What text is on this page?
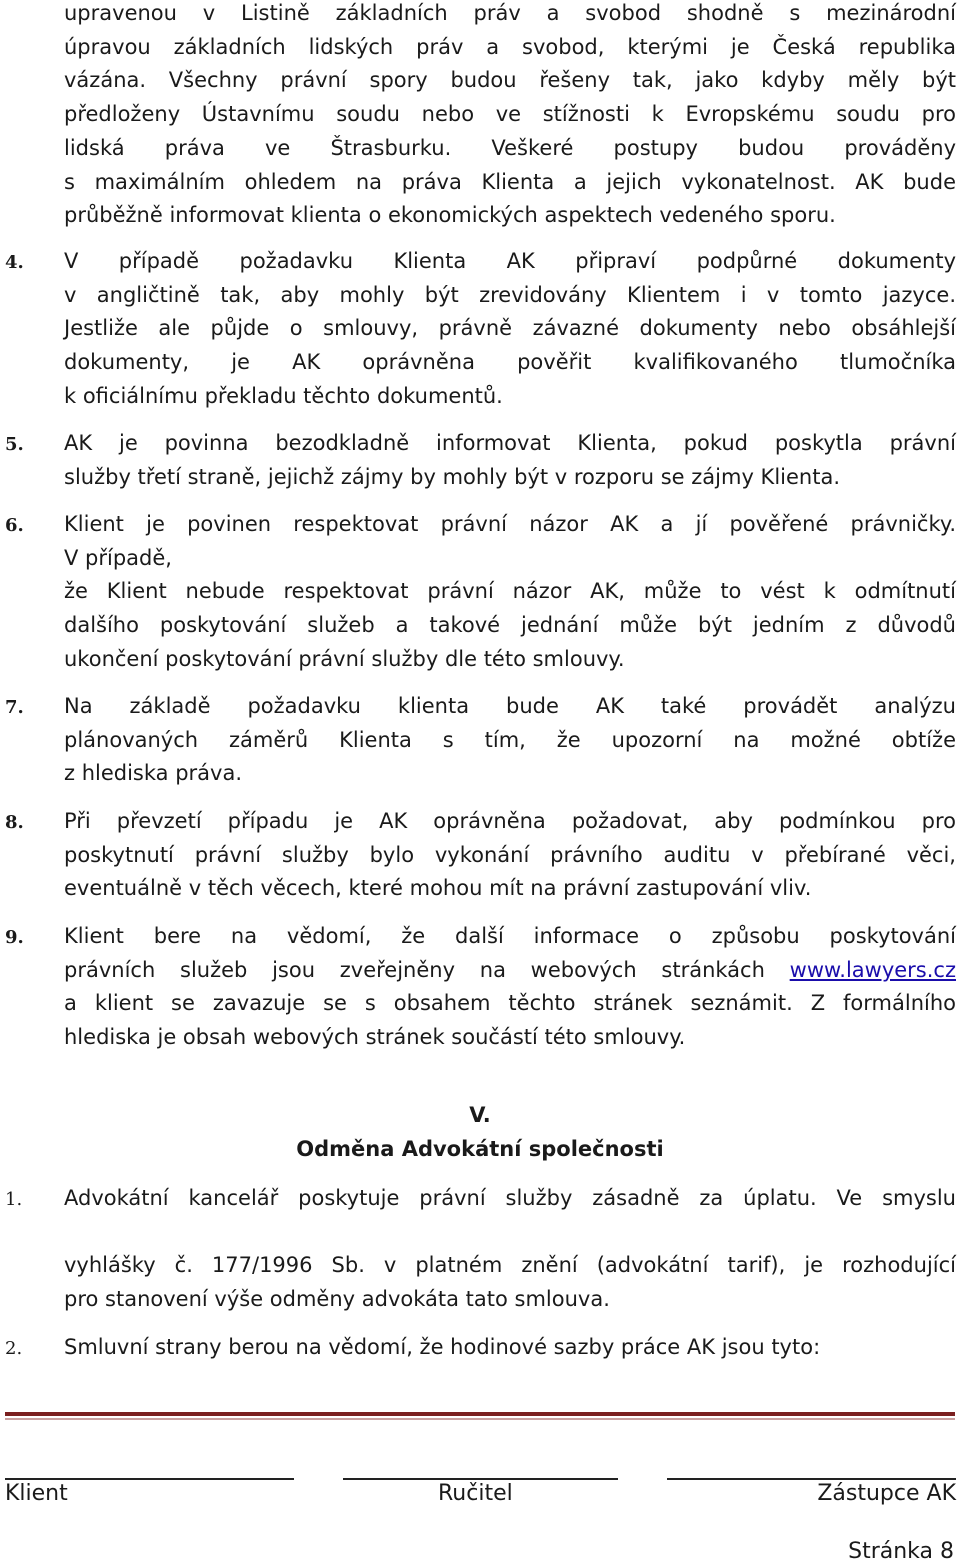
upravenou v Listině základních práv a svobod shodně s mezinárodní
úpravou základních lidských práv a svobod, kterými je Česká republika
vázána. Všechny právní spory budou řešeny tak, jako kdyby měly být
předloženy Ústavnímu soudu nebo ve stížnosti k Evropskému soudu pro
lidská práva ve Štrasburku. Veškeré postupy budou prováděny
s maximálním ohledem na práva Klienta a jejich vykonatelnost. AK bude
průběžně informovat klienta o ekonomických aspektech vedeného sporu.
4. V případě požadavku Klienta AK připraví podpůrné dokumenty
v angličtině tak, aby mohly být zrevidovány Klientem i v tomto jazyce.
Jestliže ale půjde o smlouvy, právně závazné dokumenty nebo obsáhlejší
dokumenty, je AK oprávněna pověřit kvalifikovaného tlumočníka
k oficiálnímu překladu těchto dokumentů.
5. AK je povinna bezodkladně informovat Klienta, pokud poskytla právní
služby třetí straně, jejichž zájmy by mohly být v rozporu se zájmy Klienta.
6. Klient je povinen respektovat právní názor AK a jí pověřené právničky.
V případě,
že Klient nebude respektovat právní názor AK, může to vést k odmítnutí
dalšího poskytování služeb a takové jednání může být jedním z důvodů
ukončení poskytování právní služby dle této smlouvy.
7. Na základě požadavku klienta bude AK také provádět analýzu
plánovaných záměrů Klienta s tím, že upozorní na možné obtíže
z hlediska práva.
8. Při převzetí případu je AK oprávněna požadovat, aby podmínkou pro
poskytnutí právní služby bylo vykonání právního auditu v přebírané věci,
eventuálně v těch věcech, které mohou mít na právní zastupování vliv.
9. Klient bere na vědomí, že další informace o způsobu poskytování
právních služeb jsou zveřejněny na webových stránkách www.lawyers.cz
a klient se zavazuje se s obsahem těchto stránek seznámit. Z formálního
hlediska je obsah webových stránek součástí této smlouvy.
V.
Odměna Advokátní společnosti
1. Advokátní kancelář poskytuje právní služby zásadně za úplatu. Ve smyslu
vyhlášky č. 177/1996 Sb. v platném znění (advokátní tarif), je rozhodující
pro stanovení výše odměny advokáta tato smlouva.
2. Smluvní strany berou na vědomí, že hodinové sazby práce AK jsou tyto:
Klient	Ručitel	Zástupce AK
Stránka 8
